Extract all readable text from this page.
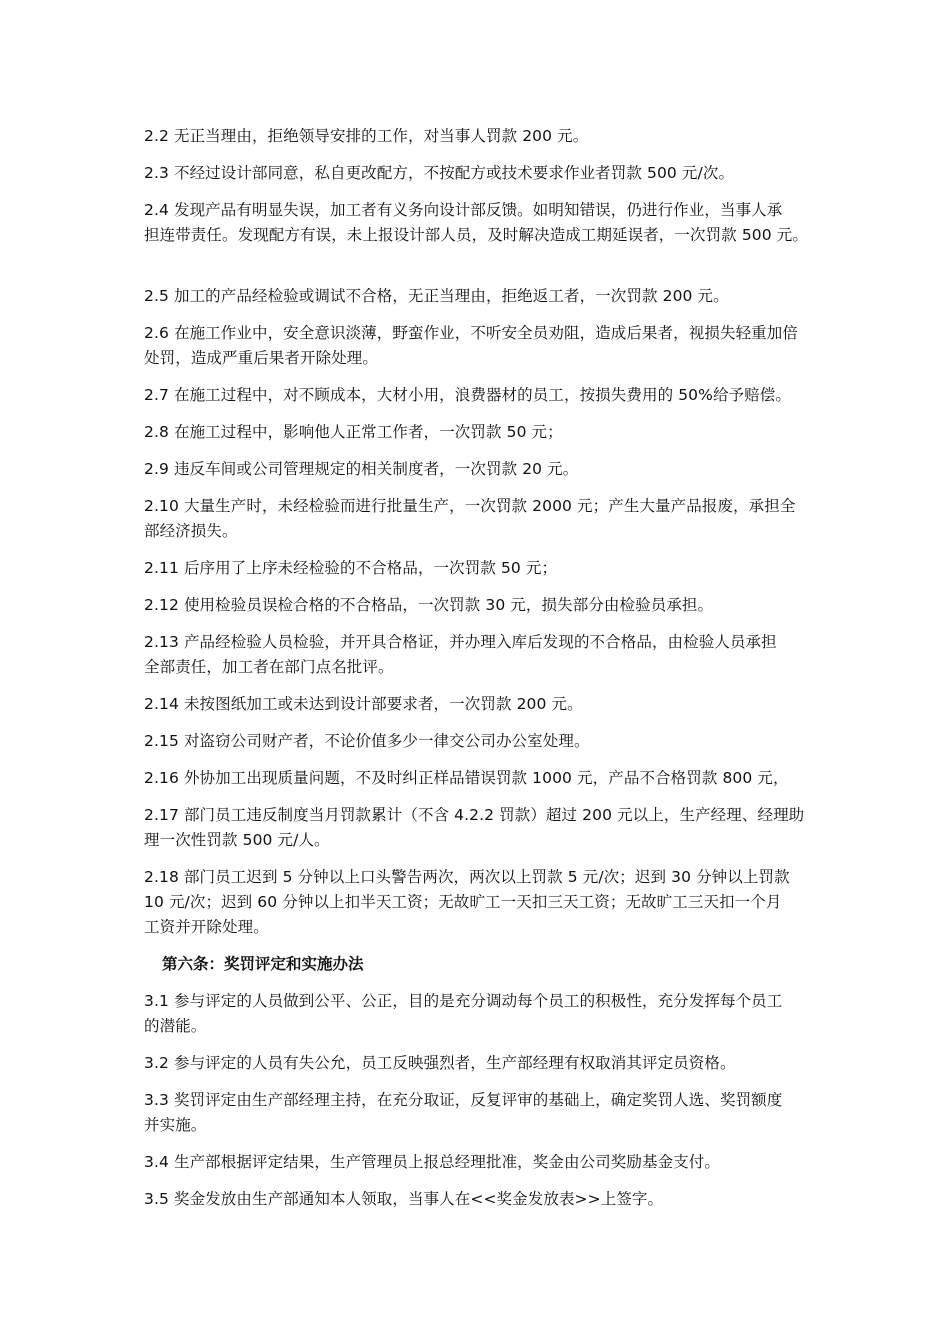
2.2 无正当理由，拒绝领导安排的工作，对当事人罚款 200 元。

2.3 不经过设计部同意，私自更改配方，不按配方或技术要求作业者罚款 500 元/次。

2.4 发现产品有明显失误，加工者有义务向设计部反馈。如明知错误，仍进行作业，当事人承
担连带责任。发现配方有误，未上报设计部人员，及时解决造成工期延误者，一次罚款 500 元。

2.5 加工的产品经检验或调试不合格，无正当理由，拒绝返工者，一次罚款 200 元。

2.6 在施工作业中，安全意识淡薄，野蛮作业，不听安全员劝阻，造成后果者，视损失轻重加倍
处罚，造成严重后果者开除处理。

2.7 在施工过程中，对不顾成本，大材小用，浪费器材的员工，按损失费用的 50%给予赔偿。

2.8 在施工过程中，影响他人正常工作者，一次罚款 50 元；

2.9 违反车间或公司管理规定的相关制度者，一次罚款 20 元。

2.10 大量生产时，未经检验而进行批量生产，一次罚款 2000 元；产生大量产品报废，承担全
部经济损失。

2.11 后序用了上序未经检验的不合格品，一次罚款 50 元；

2.12 使用检验员误检合格的不合格品，一次罚款 30 元，损失部分由检验员承担。

2.13 产品经检验人员检验，并开具合格证，并办理入库后发现的不合格品，由检验人员承担
全部责任，加工者在部门点名批评。

2.14 未按图纸加工或未达到设计部要求者，一次罚款 200 元。

2.15 对盗窃公司财产者，不论价值多少一律交公司办公室处理。

2.16 外协加工出现质量问题，不及时纠正样品错误罚款 1000 元，产品不合格罚款 800 元，

2.17 部门员工违反制度当月罚款累计（不含 4.2.2 罚款）超过 200 元以上，生产经理、经理助
理一次性罚款 500 元/人。

2.18 部门员工迟到 5 分钟以上口头警告两次，两次以上罚款 5 元/次；迟到 30 分钟以上罚款
10 元/次；迟到 60 分钟以上扣半天工资；无故旷工一天扣三天工资；无故旷工三天扣一个月
工资并开除处理。

第六条：奖罚评定和实施办法

3.1 参与评定的人员做到公平、公正，目的是充分调动每个员工的积极性，充分发挥每个员工
的潜能。

3.2 参与评定的人员有失公允，员工反映强烈者，生产部经理有权取消其评定员资格。

3.3 奖罚评定由生产部经理主持，在充分取证，反复评审的基础上，确定奖罚人选、奖罚额度
并实施。

3.4 生产部根据评定结果，生产管理员上报总经理批准，奖金由公司奖励基金支付。

3.5 奖金发放由生产部通知本人领取，当事人在<<奖金发放表>>上签字。
